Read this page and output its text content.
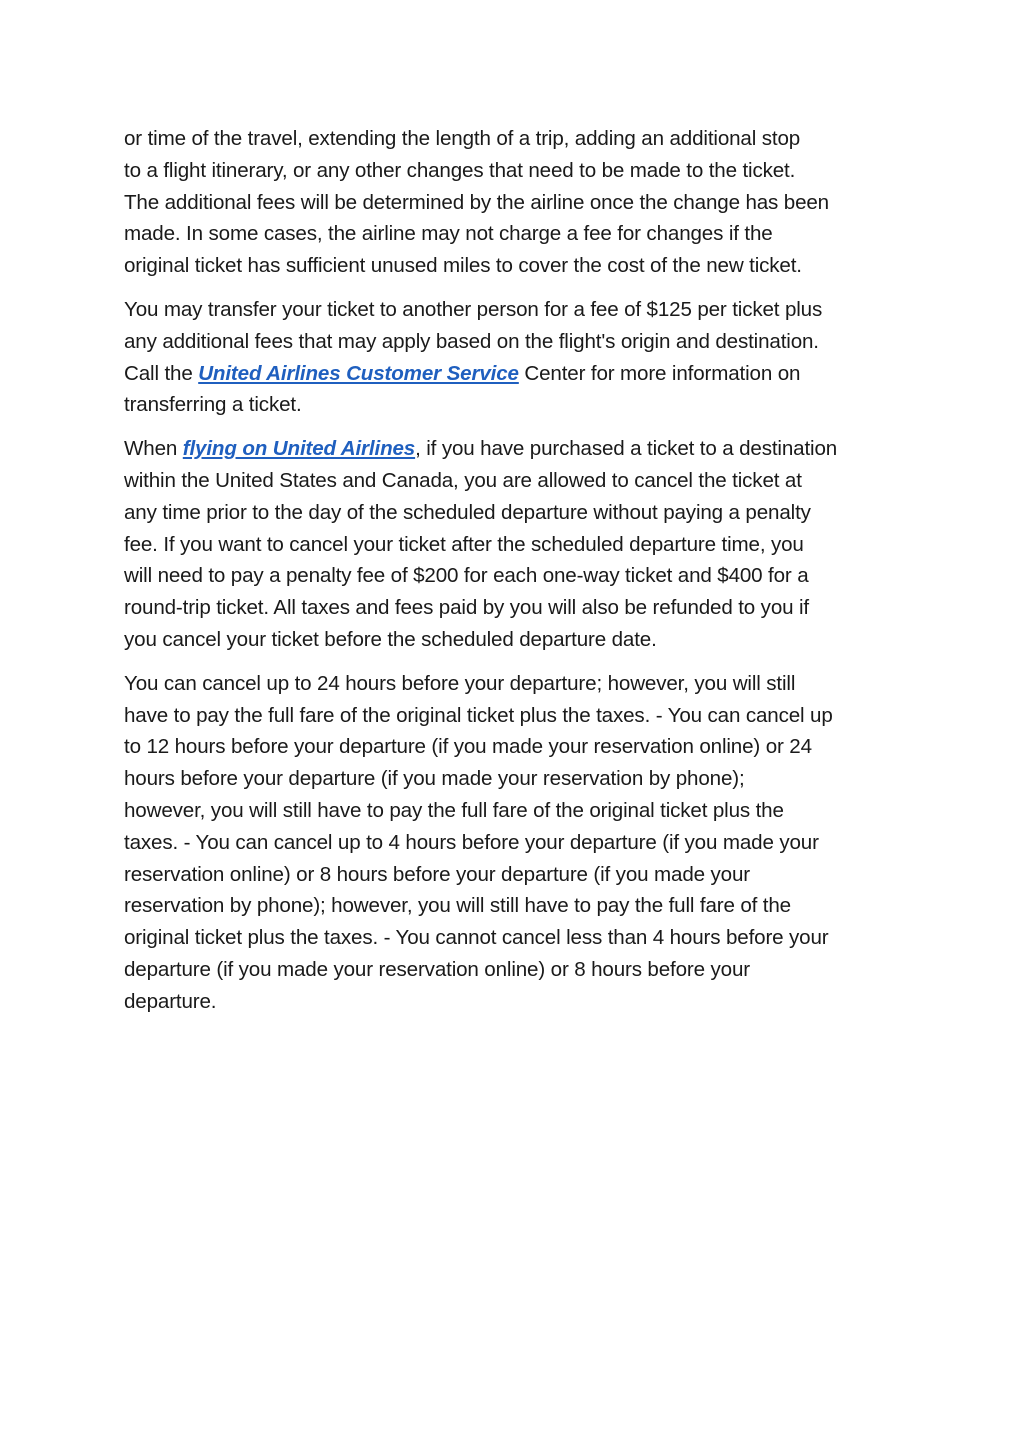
or time of the travel, extending the length of a trip, adding an additional stop
to a flight itinerary, or any other changes that need to be made to the ticket.
The additional fees will be determined by the airline once the change has been
made. In some cases, the airline may not charge a fee for changes if the
original ticket has sufficient unused miles to cover the cost of the new ticket.

You may transfer your ticket to another person for a fee of $125 per ticket plus
any additional fees that may apply based on the flight's origin and destination.
Call the United Airlines Customer Service Center for more information on
transferring a ticket.

When flying on United Airlines, if you have purchased a ticket to a destination
within the United States and Canada, you are allowed to cancel the ticket at
any time prior to the day of the scheduled departure without paying a penalty
fee. If you want to cancel your ticket after the scheduled departure time, you
will need to pay a penalty fee of $200 for each one-way ticket and $400 for a
round-trip ticket. All taxes and fees paid by you will also be refunded to you if
you cancel your ticket before the scheduled departure date.

You can cancel up to 24 hours before your departure; however, you will still
have to pay the full fare of the original ticket plus the taxes. - You can cancel up
to 12 hours before your departure (if you made your reservation online) or 24
hours before your departure (if you made your reservation by phone);
however, you will still have to pay the full fare of the original ticket plus the
taxes. - You can cancel up to 4 hours before your departure (if you made your
reservation online) or 8 hours before your departure (if you made your
reservation by phone); however, you will still have to pay the full fare of the
original ticket plus the taxes. - You cannot cancel less than 4 hours before your
departure (if you made your reservation online) or 8 hours before your
departure.
